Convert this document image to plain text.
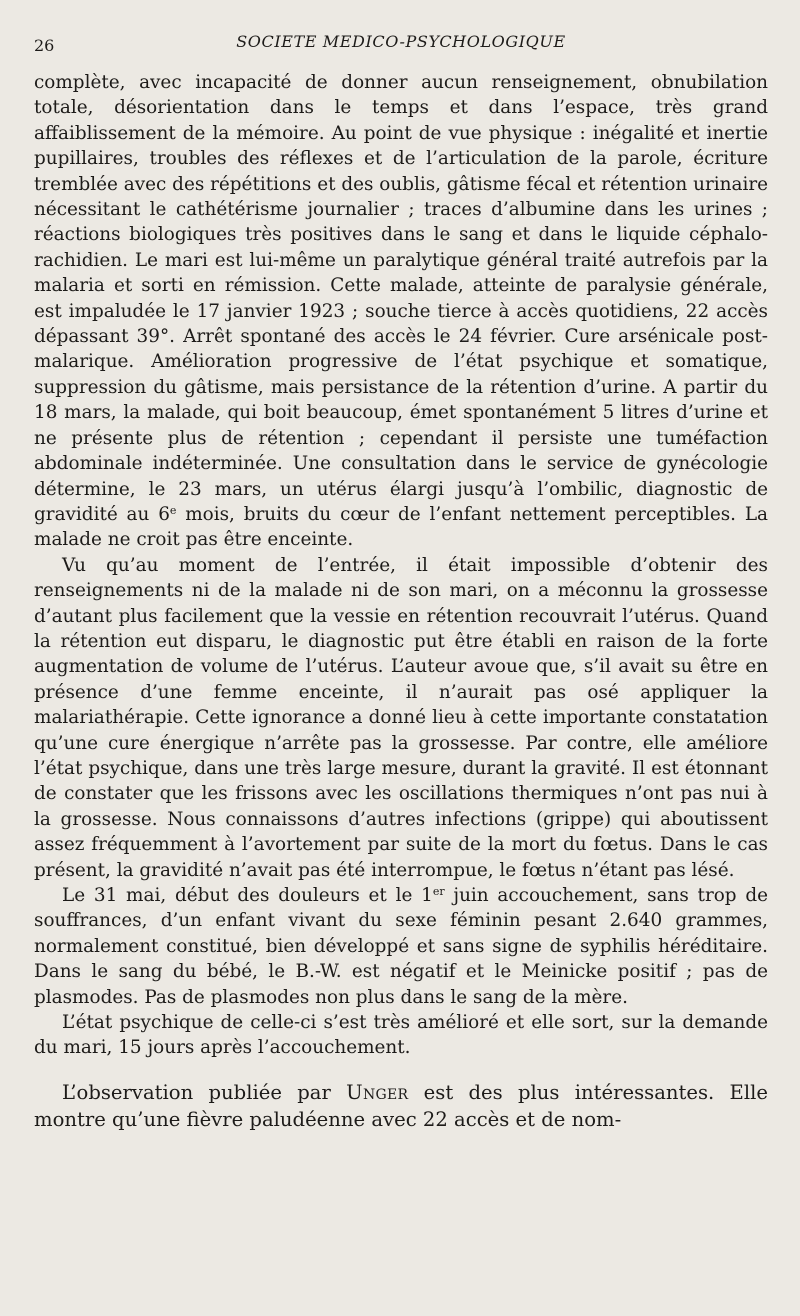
26	SOCIETE MEDICO-PSYCHOLOGIQUE

complète, avec incapacité de donner aucun renseignement, obnubilation totale, désorientation dans le temps et dans l’espace, très grand affaiblissement de la mémoire. Au point de vue physique : inégalité et inertie pupillaires, troubles des réflexes et de l’articulation de la parole, écriture tremblée avec des répétitions et des oublis, gâtisme fécal et rétention urinaire nécessitant le cathétérisme journalier ; traces d’albumine dans les urines ; réactions biologiques très positives dans le sang et dans le liquide céphalo-rachidien. Le mari est lui-même un paralytique général traité autrefois par la malaria et sorti en rémission. Cette malade, atteinte de paralysie générale, est impaludée le 17 janvier 1923 ; souche tierce à accès quotidiens, 22 accès dépassant 39°. Arrêt spontané des accès le 24 février. Cure arsénicale post-malarique. Amélioration progressive de l’état psychique et somatique, suppression du gâtisme, mais persistance de la rétention d’urine. A partir du 18 mars, la malade, qui boit beaucoup, émet spontanément 5 litres d’urine et ne présente plus de rétention ; cependant il persiste une tuméfaction abdominale indéterminée. Une consultation dans le service de gynécologie détermine, le 23 mars, un utérus élargi jusqu’à l’ombilic, diagnostic de gravidité au 6e mois, bruits du cœur de l’enfant nettement perceptibles. La malade ne croit pas être enceinte.

Vu qu’au moment de l’entrée, il était impossible d’obtenir des renseignements ni de la malade ni de son mari, on a méconnu la grossesse d’autant plus facilement que la vessie en rétention recouvrait l’utérus. Quand la rétention eut disparu, le diagnostic put être établi en raison de la forte augmentation de volume de l’utérus. L’auteur avoue que, s’il avait su être en présence d’une femme enceinte, il n’aurait pas osé appliquer la malariathérapie. Cette ignorance a donné lieu à cette importante constatation qu’une cure énergique n’arrête pas la grossesse. Par contre, elle améliore l’état psychique, dans une très large mesure, durant la gravité. Il est étonnant de constater que les frissons avec les oscillations thermiques n’ont pas nui à la grossesse. Nous connaissons d’autres infections (grippe) qui aboutissent assez fréquemment à l’avortement par suite de la mort du fœtus. Dans le cas présent, la gravidité n’avait pas été interrompue, le fœtus n’étant pas lésé.

Le 31 mai, début des douleurs et le 1er juin accouchement, sans trop de souffrances, d’un enfant vivant du sexe féminin pesant 2.640 grammes, normalement constitué, bien développé et sans signe de syphilis héréditaire. Dans le sang du bébé, le B.-W. est négatif et le Meinicke positif ; pas de plasmodes. Pas de plasmodes non plus dans le sang de la mère.

L’état psychique de celle-ci s’est très amélioré et elle sort, sur la demande du mari, 15 jours après l’accouchement.

L’observation publiée par Unger est des plus intéressantes. Elle montre qu’une fièvre paludéenne avec 22 accès et de nom-
